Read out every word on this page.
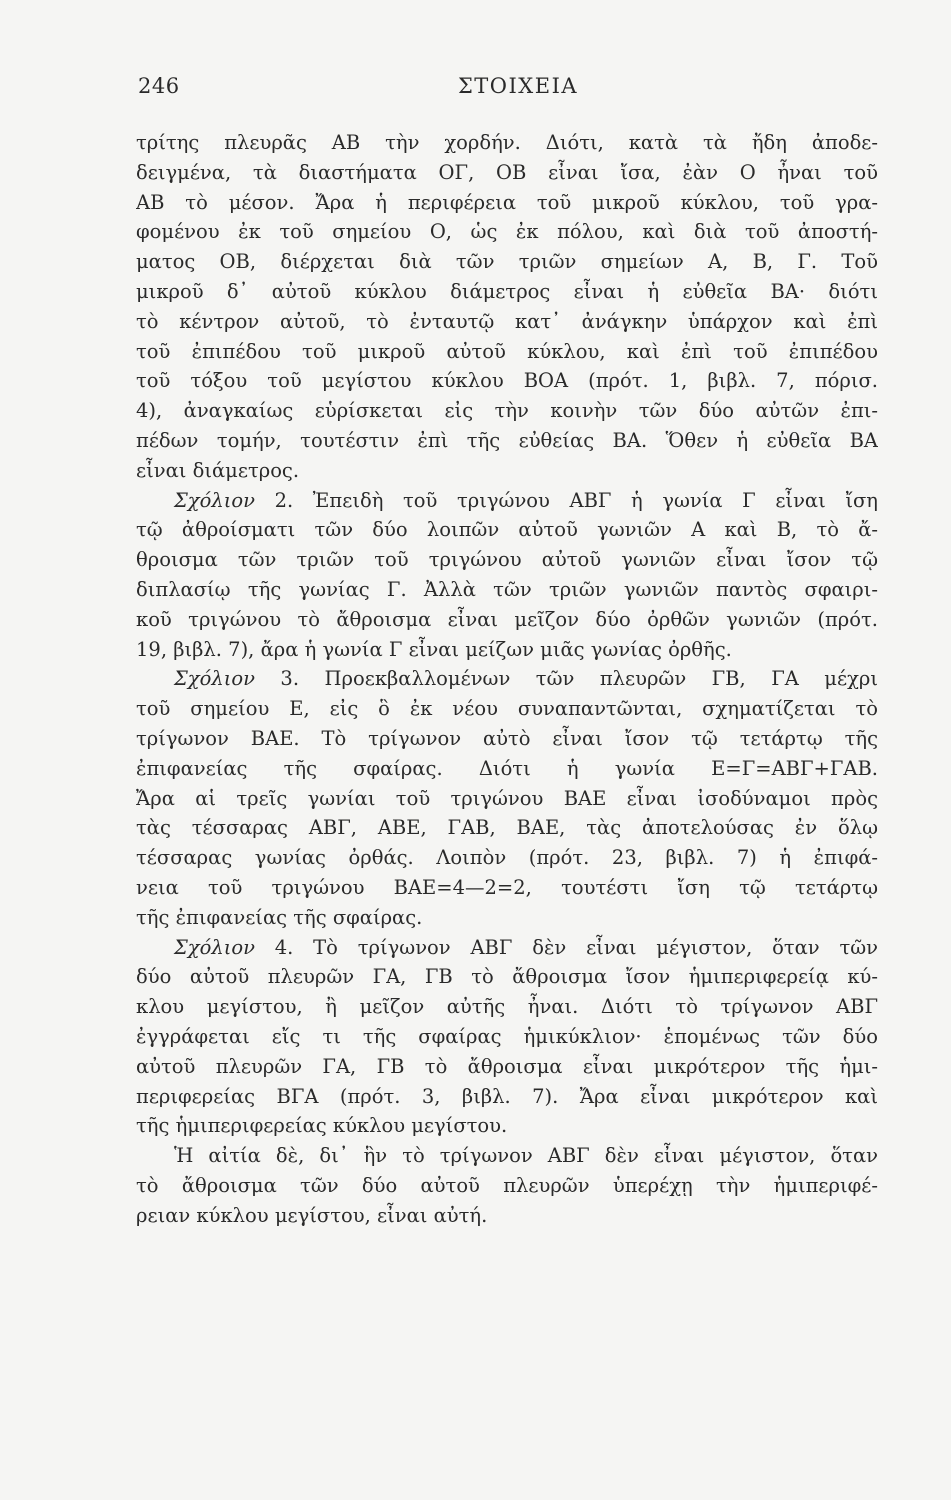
246	ΣΤΟΙΧΕΙΑ
τρίτης πλευρᾶς ΑΒ τὴν χορδήν. Διότι, κατὰ τὰ ἤδη ἀποδε-
δειγμένα, τὰ διαστήματα ΟΓ, ΟΒ εἶναι ἴσα, ἐὰν Ο ἦναι τοῦ
ΑΒ τὸ μέσον. Ἄρα ἡ περιφέρεια τοῦ μικροῦ κύκλου, τοῦ γρα-
φομένου ἐκ τοῦ σημείου Ο, ὡς ἐκ πόλου, καὶ διὰ τοῦ ἀποστή-
ματος ΟΒ, διέρχεται διὰ τῶν τριῶν σημείων Α, Β, Γ. Τοῦ
μικροῦ δ᾽ αὐτοῦ κύκλου διάμετρος εἶναι ἡ εὐθεῖα ΒΑ· διότι
τὸ κέντρον αὐτοῦ, τὸ ἐνταυτῷ κατ᾽ ἀνάγκην ὑπάρχον καὶ ἐπὶ
τοῦ ἐπιπέδου τοῦ μικροῦ αὐτοῦ κύκλου, καὶ ἐπὶ τοῦ ἐπιπέδου
τοῦ τόξου τοῦ μεγίστου κύκλου ΒΟΑ (πρότ. 1, βιβλ. 7, πόρισ.
4), ἀναγκαίως εὑρίσκεται εἰς τὴν κοινὴν τῶν δύο αὐτῶν ἐπι-
πέδων τομήν, τουτέστιν ἐπὶ τῆς εὐθείας ΒΑ. Ὅθεν ἡ εὐθεῖα ΒΑ
εἶναι διάμετρος.
Σχόλιον 2. Ἐπειδὴ τοῦ τριγώνου ΑΒΓ ἡ γωνία Γ εἶναι ἴση
τῷ ἀθροίσματι τῶν δύο λοιπῶν αὐτοῦ γωνιῶν Α καὶ Β, τὸ ἄ-
θροισμα τῶν τριῶν τοῦ τριγώνου αὐτοῦ γωνιῶν εἶναι ἴσον τῷ
διπλασίῳ τῆς γωνίας Γ. Ἀλλὰ τῶν τριῶν γωνιῶν παντὸς σφαιρι-
κοῦ τριγώνου τὸ ἄθροισμα εἶναι μεῖζον δύο ὀρθῶν γωνιῶν (πρότ.
19, βιβλ. 7), ἄρα ἡ γωνία Γ εἶναι μείζων μιᾶς γωνίας ὀρθῆς.
Σχόλιον 3. Προεκβαλλομένων τῶν πλευρῶν ΓΒ, ΓΑ μέχρι
τοῦ σημείου Ε, εἰς ὃ ἐκ νέου συναπαντῶνται, σχηματίζεται τὸ
τρίγωνον ΒΑΕ. Τὸ τρίγωνον αὐτὸ εἶναι ἴσον τῷ τετάρτῳ τῆς
ἐπιφανείας τῆς σφαίρας. Διότι ἡ γωνία Ε=Γ=ΑΒΓ+ΓΑΒ.
Ἄρα αἱ τρεῖς γωνίαι τοῦ τριγώνου ΒΑΕ εἶναι ἰσοδύναμοι πρὸς
τὰς τέσσαρας ΑΒΓ, ΑΒΕ, ΓΑΒ, ΒΑΕ, τὰς ἀποτελούσας ἐν ὅλῳ
τέσσαρας γωνίας ὀρθάς. Λοιπὸν (πρότ. 23, βιβλ. 7) ἡ ἐπιφά-
νεια τοῦ τριγώνου ΒΑΕ=4—2=2, τουτέστι ἴση τῷ τετάρτῳ
τῆς ἐπιφανείας τῆς σφαίρας.
Σχόλιον 4. Τὸ τρίγωνον ΑΒΓ δὲν εἶναι μέγιστον, ὅταν τῶν
δύο αὐτοῦ πλευρῶν ΓΑ, ΓΒ τὸ ἄθροισμα ἴσον ἡμιπεριφερείᾳ κύ-
κλου μεγίστου, ἢ μεῖζον αὐτῆς ἦναι. Διότι τὸ τρίγωνον ΑΒΓ
ἐγγράφεται εἴς τι τῆς σφαίρας ἡμικύκλιον· ἑπομένως τῶν δύο
αὐτοῦ πλευρῶν ΓΑ, ΓΒ τὸ ἄθροισμα εἶναι μικρότερον τῆς ἡμι-
περιφερείας ΒΓΑ (πρότ. 3, βιβλ. 7). Ἄρα εἶναι μικρότερον καὶ
τῆς ἡμιπεριφερείας κύκλου μεγίστου.
Ἡ αἰτία δὲ, δι᾽ ἣν τὸ τρίγωνον ΑΒΓ δὲν εἶναι μέγιστον, ὅταν
τὸ ἄθροισμα τῶν δύο αὐτοῦ πλευρῶν ὑπερέχῃ τὴν ἡμιπεριφέ-
ρειαν κύκλου μεγίστου, εἶναι αὐτή.
